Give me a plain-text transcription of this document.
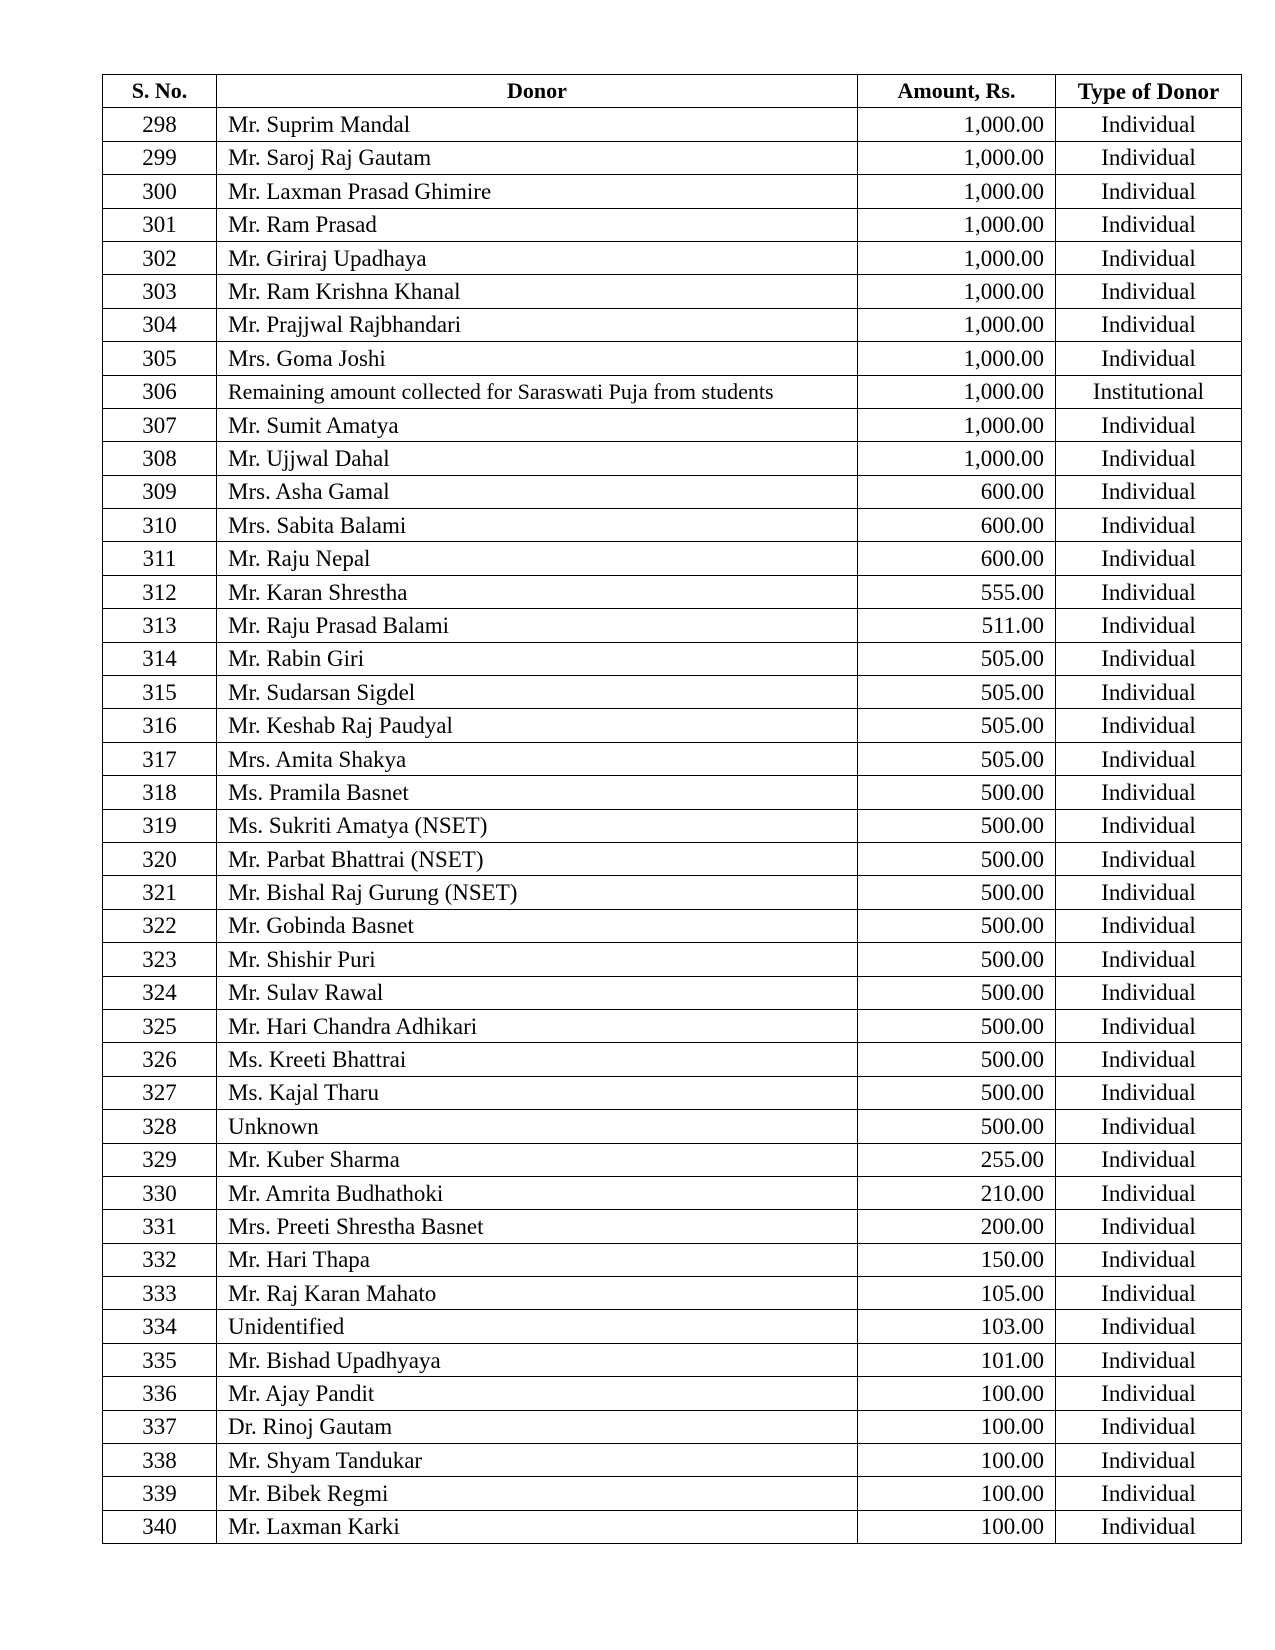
S. No.	Donor	Amount, Rs.	Type of Donor
298	Mr. Suprim Mandal	1,000.00	Individual
299	Mr. Saroj Raj Gautam	1,000.00	Individual
300	Mr. Laxman Prasad Ghimire	1,000.00	Individual
301	Mr. Ram Prasad	1,000.00	Individual
302	Mr. Giriraj Upadhaya	1,000.00	Individual
303	Mr. Ram Krishna Khanal	1,000.00	Individual
304	Mr. Prajjwal Rajbhandari	1,000.00	Individual
305	Mrs. Goma Joshi	1,000.00	Individual
306	Remaining amount collected for Saraswati Puja from students	1,000.00	Institutional
307	Mr. Sumit Amatya	1,000.00	Individual
308	Mr. Ujjwal Dahal	1,000.00	Individual
309	Mrs. Asha Gamal	600.00	Individual
310	Mrs. Sabita Balami	600.00	Individual
311	Mr. Raju Nepal	600.00	Individual
312	Mr. Karan Shrestha	555.00	Individual
313	Mr. Raju Prasad Balami	511.00	Individual
314	Mr. Rabin Giri	505.00	Individual
315	Mr. Sudarsan Sigdel	505.00	Individual
316	Mr. Keshab Raj Paudyal	505.00	Individual
317	Mrs. Amita Shakya	505.00	Individual
318	Ms. Pramila Basnet	500.00	Individual
319	Ms. Sukriti Amatya (NSET)	500.00	Individual
320	Mr. Parbat Bhattrai (NSET)	500.00	Individual
321	Mr. Bishal Raj Gurung (NSET)	500.00	Individual
322	Mr. Gobinda Basnet	500.00	Individual
323	Mr. Shishir Puri	500.00	Individual
324	Mr. Sulav Rawal	500.00	Individual
325	Mr. Hari Chandra Adhikari	500.00	Individual
326	Ms. Kreeti Bhattrai	500.00	Individual
327	Ms. Kajal Tharu	500.00	Individual
328	Unknown	500.00	Individual
329	Mr. Kuber Sharma	255.00	Individual
330	Mr. Amrita Budhathoki	210.00	Individual
331	Mrs. Preeti Shrestha Basnet	200.00	Individual
332	Mr. Hari Thapa	150.00	Individual
333	Mr. Raj Karan Mahato	105.00	Individual
334	Unidentified	103.00	Individual
335	Mr. Bishad Upadhyaya	101.00	Individual
336	Mr. Ajay Pandit	100.00	Individual
337	Dr. Rinoj Gautam	100.00	Individual
338	Mr. Shyam Tandukar	100.00	Individual
339	Mr. Bibek Regmi	100.00	Individual
340	Mr. Laxman Karki	100.00	Individual
